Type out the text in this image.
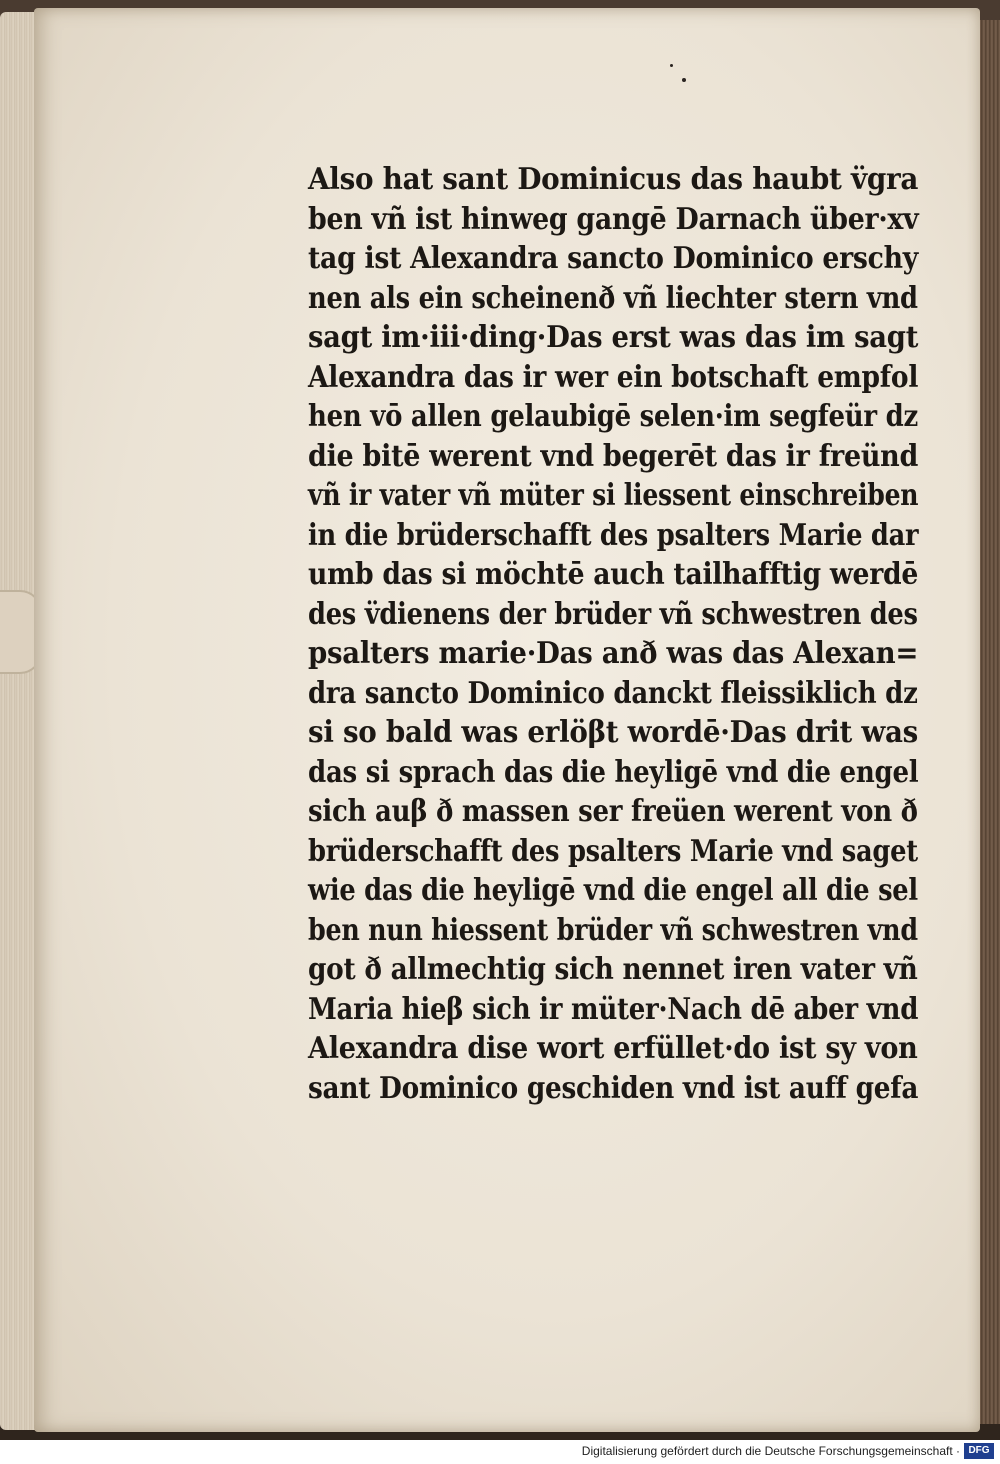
Also hat sant Dominicus das haubt v̈gra
ben vñ ist hinweg gangē Darnach über·xv
tag ist Alexandra sancto Dominico erschy
nen als ein scheinenð vñ liechter stern vnd
sagt im·iii·ding·Das erst was das im sagt
Alexandra das ir wer ein botschaft empfol
hen vō allen gelaubigē selen·im segfeür dz
die bitē werent vnd begerēt das ir freünd
vñ ir vater vñ müter si liessent einschreiben
in die brüderschafft des psalters Marie dar
umb das si möchtē auch tailhafftig werdē
des v̈dienens der brüder vñ schwestren des
psalters marie·Das anð was das Alexan=
dra sancto Dominico danckt fleissiklich dz
si so bald was erlöβt wordē·Das drit was
das si sprach das die heyligē vnd die engel
sich auβ ð massen ser freüen werent von ð
brüderschafft des psalters Marie vnd saget
wie das die heyligē vnd die engel all die sel
ben nun hiessent brüder vñ schwestren vnd
got ð allmechtig sich nennet iren vater vñ
Maria hieβ sich ir müter·Nach dē aber vnd
Alexandra dise wort erfüllet·do ist sy von
sant Dominico geschiden vnd ist auff gefa
Digitalisierung gefördert durch die Deutsche Forschungsgemeinschaft · DFG
